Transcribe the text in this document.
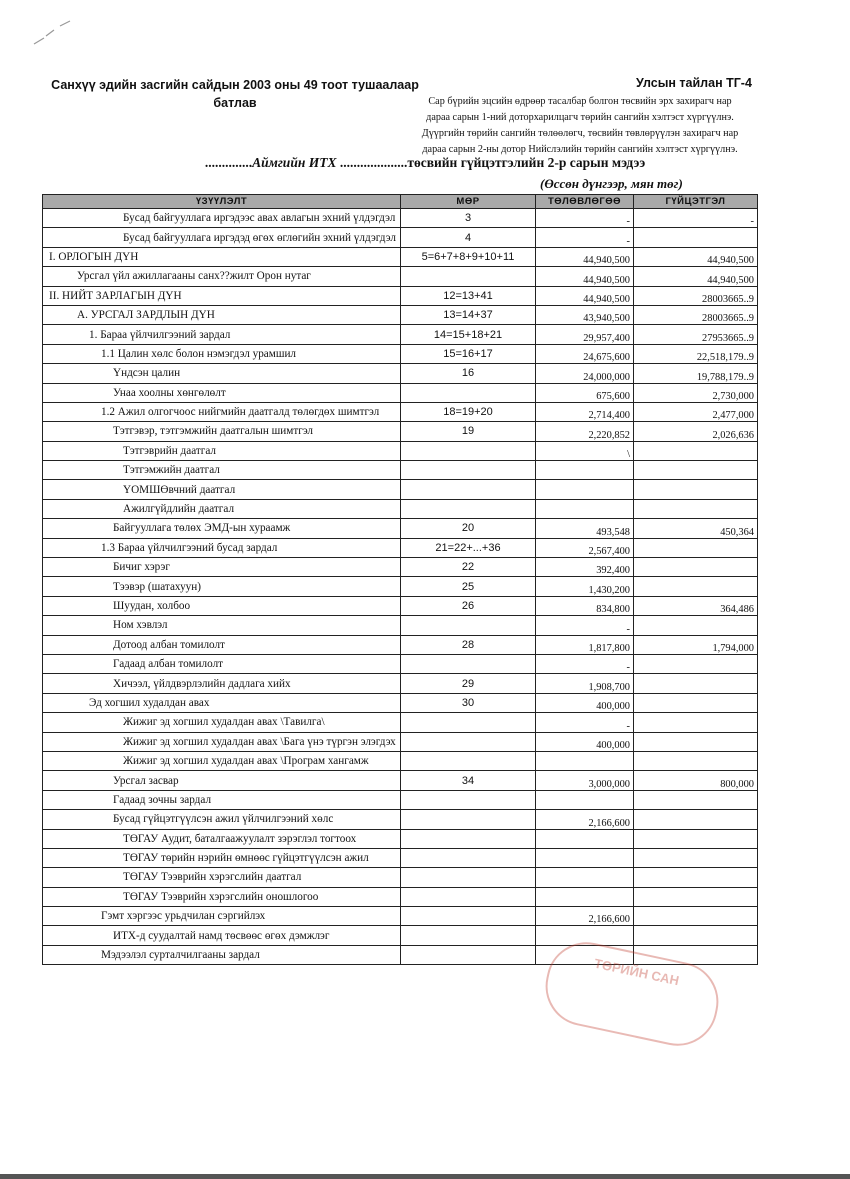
Санхүү эдийн засгийн сайдын 2003 оны 49 тоот тушаалаар
батлав
Улсын тайлан ТГ-4
Сар бүрийн эцсийн өдрөөр тасалбар болгон төсвийн эрх захирагч нар
дараа сарын 1-ний доторхарилцагч төрийн сангийн хэлтэст хүргүүлнэ.
Дүүргийн төрийн сангийн төлөөлөгч, төсвийн төвлөрүүлэн захирагч нар
дараа сарын 2-ны дотор Нийслэлийн төрийн сангийн хэлтэст хүргүүлнэ.
..............Аймгийн ИТХ ....................төсвийн гүйцэтгэлийн 2-р сарын мэдээ
(Өссөн дүнгээр, мян төг)
ҮЗҮҮЛЭЛТ	МӨР	ТӨЛӨВЛӨГӨӨ	ГҮЙЦЭТГЭЛ
Бусад байгууллага иргэдээс авах авлагын эхний үлдэгдэл	3	-	-
Бусад байгууллага иргэдэд өгөх өглөгийн эхний үлдэгдэл	4	-	
I. ОРЛОГЫН ДҮН	5=6+7+8+9+10+11	44,940,500	44,940,500
Урсгал үйл ажиллагааны санх??жилт Орон нутаг		44,940,500	44,940,500
II. НИЙТ ЗАРЛАГЫН ДҮН	12=13+41	44,940,500	28003665..9
А. УРСГАЛ ЗАРДЛЫН ДҮН	13=14+37	43,940,500	28003665..9
1. Бараа үйлчилгээний зардал	14=15+18+21	29,957,400	27953665..9
1.1 Цалин хөлс болон нэмэгдэл урамшил	15=16+17	24,675,600	22,518,179..9
Үндсэн цалин	16	24,000,000	19,788,179..9
Унаа хоолны хөнгөлөлт		675,600	2,730,000
1.2 Ажил олгогчоос нийгмийн даатгалд төлөгдөх шимтгэл	18=19+20	2,714,400	2,477,000
Тэтгэвэр, тэтгэмжийн даатгалын шимтгэл	19	2,220,852	2,026,636
Тэтгэврийн даатгал		\	
Тэтгэмжийн даатгал			
ҮОМШӨвчний даатгал			
Ажилгүйдлийн даатгал			
Байгууллага төлөх ЭМД-ын хураамж	20	493,548	450,364
1.3 Бараа үйлчилгээний бусад зардал	21=22+...+36	2,567,400	
Бичиг хэрэг	22	392,400	
Тээвэр (шатахуун)	25	1,430,200	
Шуудан, холбоо	26	834,800	364,486
Ном хэвлэл		-	
Дотоод албан томилолт	28	1,817,800	1,794,000
Гадаад албан томилолт		-	
Хичээл, үйлдвэрлэлийн дадлага хийх	29	1,908,700	
Эд хогшил худалдан авах	30	400,000	
Жижиг эд хогшил худалдан авах \Тавилга\		-	
Жижиг эд хогшил худалдан авах \Бага үнэ түргэн элэгдэх		400,000	
Жижиг эд хогшил худалдан авах \Програм хангамж			
Урсгал засвар	34	3,000,000	800,000
Гадаад зочны зардал			
Бусад гүйцэтгүүлсэн ажил үйлчилгээний хөлс		2,166,600	
ТӨГАУ Аудит, баталгаажуулалт зэрэглэл тогтоох			
ТӨГАУ төрийн нэрийн өмнөөс гүйцэтгүүлсэн ажил			
ТӨГАУ Тээврийн хэрэгслийн даатгал			
ТӨГАУ Тээврийн хэрэгслийн оношлогоо			
Гэмт хэргээс урьдчилан сэргийлэх		2,166,600	
ИТХ-д суудалтай намд төсвөөс өгөх дэмжлэг			
Мэдээлэл сурталчилгааны зардал			
ТӨРИЙН САН
